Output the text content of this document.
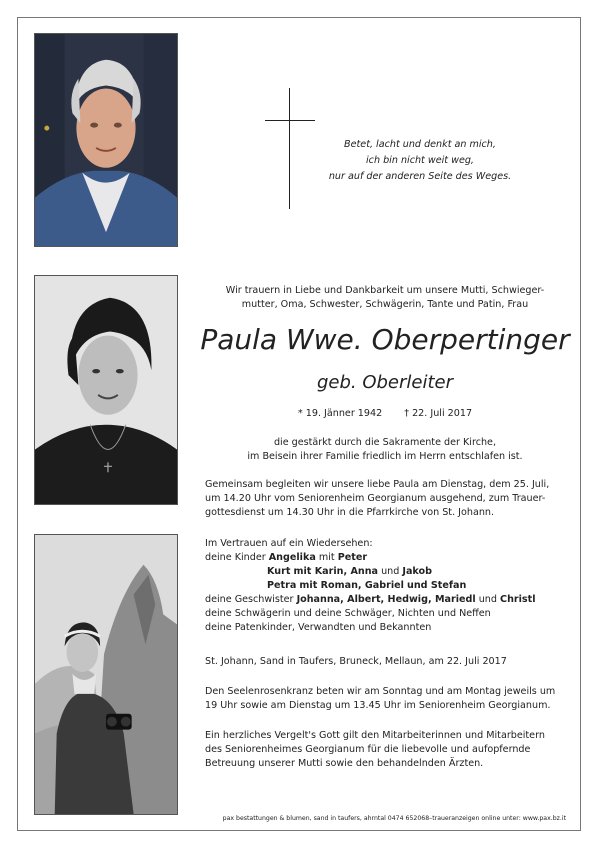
Betet, lacht und denkt an mich,
ich bin nicht weit weg,
nur auf der anderen Seite des Weges.
Wir trauern in Liebe und Dankbarkeit um unsere Mutti, Schwieger-
mutter, Oma, Schwester, Schwägerin, Tante und Patin, Frau
Paula Wwe. Oberpertinger
geb. Oberleiter
* 19. Jänner 1942 † 22. Juli 2017
die gestärkt durch die Sakramente der Kirche,
im Beisein ihrer Familie friedlich im Herrn entschlafen ist.
Gemeinsam begleiten wir unsere liebe Paula am Dienstag, dem 25. Juli,
um 14.20 Uhr vom Seniorenheim Georgianum ausgehend, zum Trauer-
gottesdienst um 14.30 Uhr in die Pfarrkirche von St. Johann.
Im Vertrauen auf ein Wiedersehen:
deine Kinder Angelika mit Peter
Kurt mit Karin, Anna und Jakob
Petra mit Roman, Gabriel und Stefan
deine Geschwister Johanna, Albert, Hedwig, Mariedl und Christl
deine Schwägerin und deine Schwäger, Nichten und Neffen
deine Patenkinder, Verwandten und Bekannten
St. Johann, Sand in Taufers, Bruneck, Mellaun, am 22. Juli 2017
Den Seelenrosenkranz beten wir am Sonntag und am Montag jeweils um
19 Uhr sowie am Dienstag um 13.45 Uhr im Seniorenheim Georgianum.
Ein herzliches Vergelt's Gott gilt den Mitarbeiterinnen und Mitarbeitern
des Seniorenheimes Georgianum für die liebevolle und aufopfernde
Betreuung unserer Mutti sowie den behandelnden Ärzten.
pax bestattungen & blumen, sand in taufers, ahrntal 0474 652068–traueranzeigen online unter: www.pax.bz.it
